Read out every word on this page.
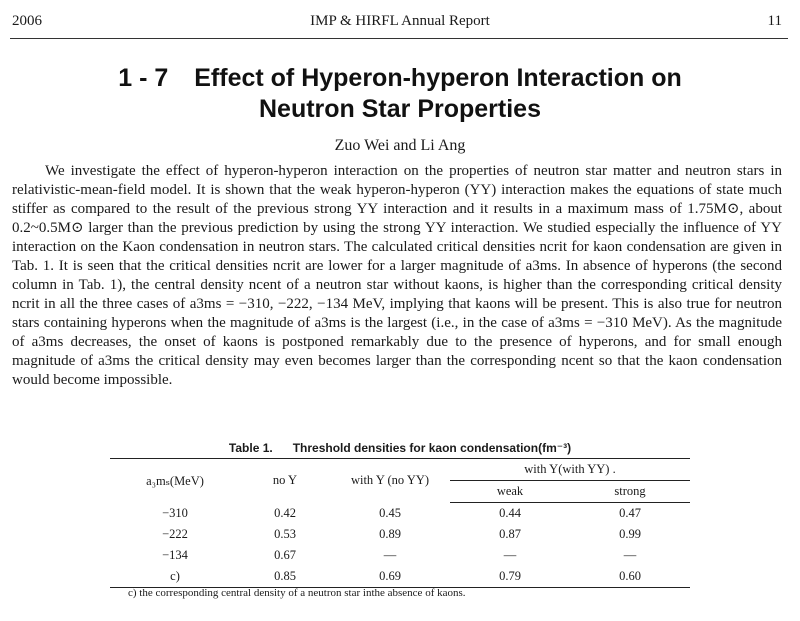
2006	IMP & HIRFL Annual Report	11
1 - 7 Effect of Hyperon-hyperon Interaction on
Neutron Star Properties
Zuo Wei and Li Ang

We investigate the effect of hyperon-hyperon interaction on the properties of neutron star matter and neutron stars in relativistic-mean-field model. It is shown that the weak hyperon-hyperon (YY) interaction makes the equations of state much stiffer as compared to the result of the previous strong YY interaction and it results in a maximum mass of 1.75M⊙, about 0.2~0.5M⊙ larger than the previous prediction by using the strong YY interaction. We studied especially the influence of YY interaction on the Kaon condensation in neutron stars. The calculated critical densities ncrit for kaon condensation are given in Tab. 1. It is seen that the critical densities ncrit are lower for a larger magnitude of a3ms. In absence of hyperons (the second column in Tab. 1), the central density ncent of a neutron star without kaons, is higher than the corresponding critical density ncrit in all the three cases of a3ms = −310, −222, −134 MeV, implying that kaons will be present. This is also true for neutron stars containing hyperons when the magnitude of a3ms is the largest (i.e., in the case of a3ms = −310 MeV). As the magnitude of a3ms decreases, the onset of kaons is postponed remarkably due to the presence of hyperons, and for small enough magnitude of a3ms the critical density may even becomes larger than the corresponding ncent so that the kaon condensation would become impossible.

Table 1. Threshold densities for kaon condensation(fm⁻³)
a₃mₛ(MeV)	no Y	with Y (no YY)	with Y(with YY) .	
			weak	strong
−310	0.42	0.45	0.44	0.47
−222	0.53	0.89	0.87	0.99
−134	0.67	—	—	—
c)	0.85	0.69	0.79	0.60
c) the corresponding central density of a neutron star inthe absence of kaons.
